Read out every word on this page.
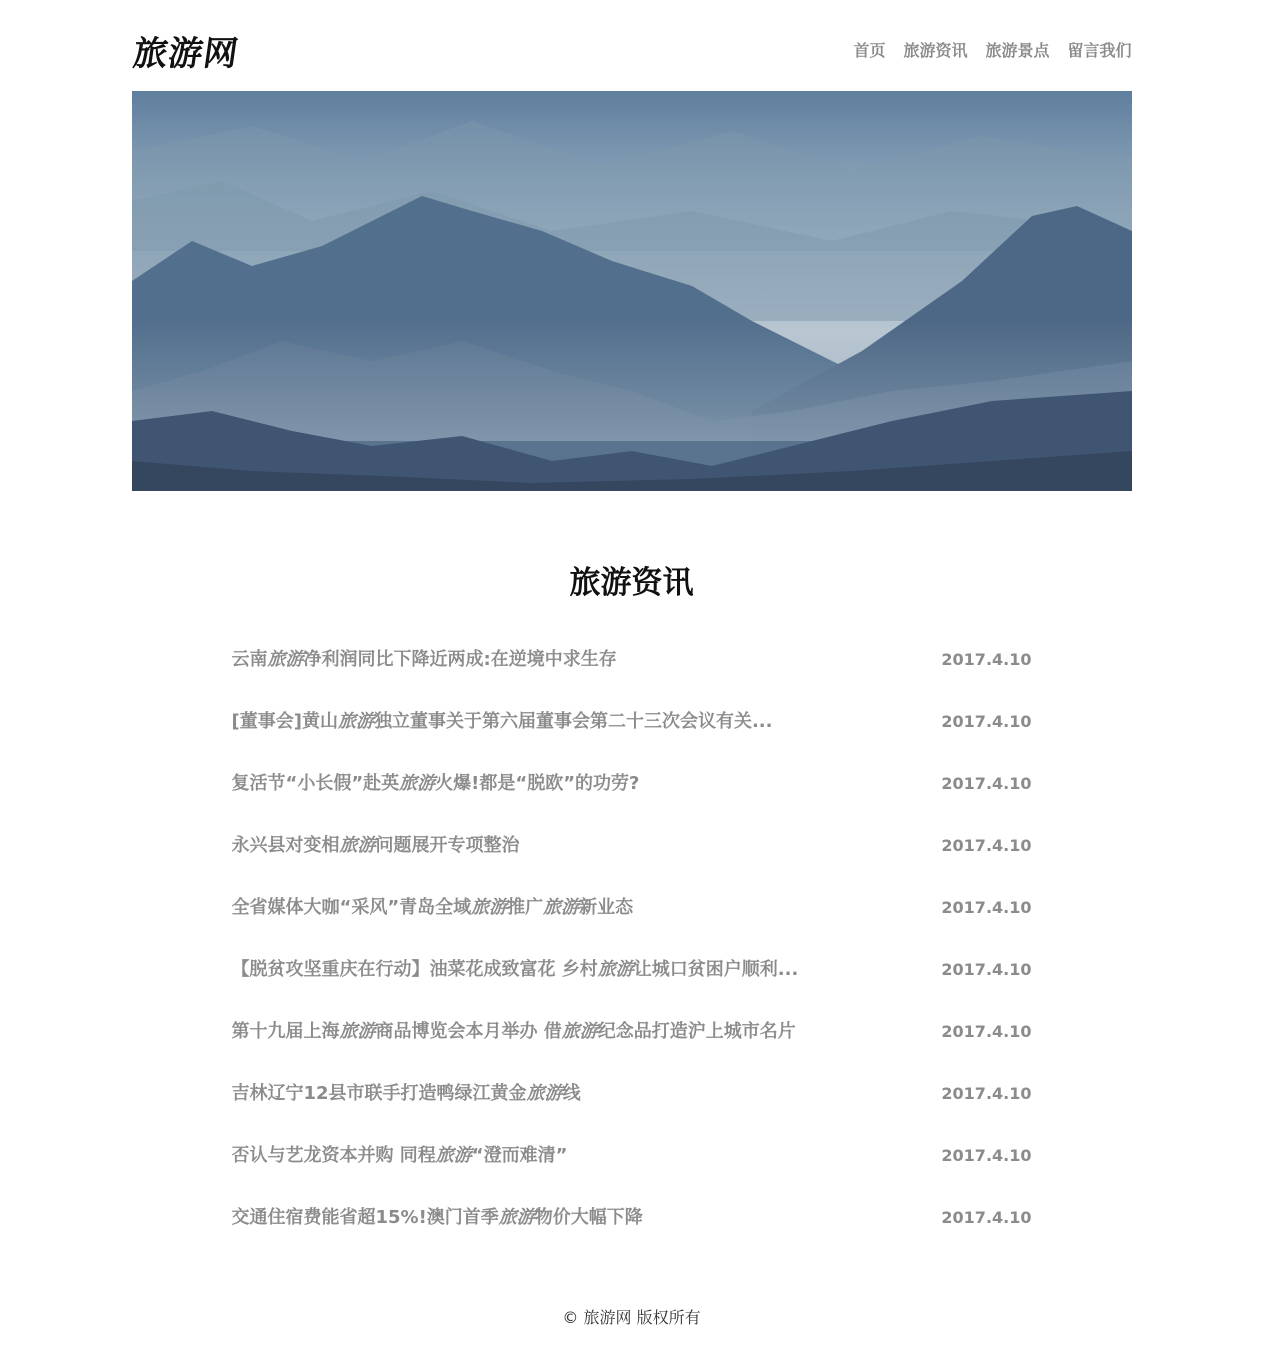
旅游网	首页 旅游资讯 旅游景点 留言我们
旅游资讯
云南旅游净利润同比下降近两成:在逆境中求生存	2017.4.10
[董事会]黄山旅游独立董事关于第六届董事会第二十三次会议有关...	2017.4.10
复活节“小长假”赴英旅游火爆!都是“脱欧”的功劳?	2017.4.10
永兴县对变相旅游问题展开专项整治	2017.4.10
全省媒体大咖“采风”青岛全域旅游推广旅游新业态	2017.4.10
【脱贫攻坚重庆在行动】油菜花成致富花 乡村旅游让城口贫困户顺利...	2017.4.10
第十九届上海旅游商品博览会本月举办 借旅游纪念品打造沪上城市名片	2017.4.10
吉林辽宁12县市联手打造鸭绿江黄金旅游线	2017.4.10
否认与艺龙资本并购 同程旅游“澄而难清”	2017.4.10
交通住宿费能省超15%!澳门首季旅游物价大幅下降	2017.4.10
© 旅游网 版权所有
